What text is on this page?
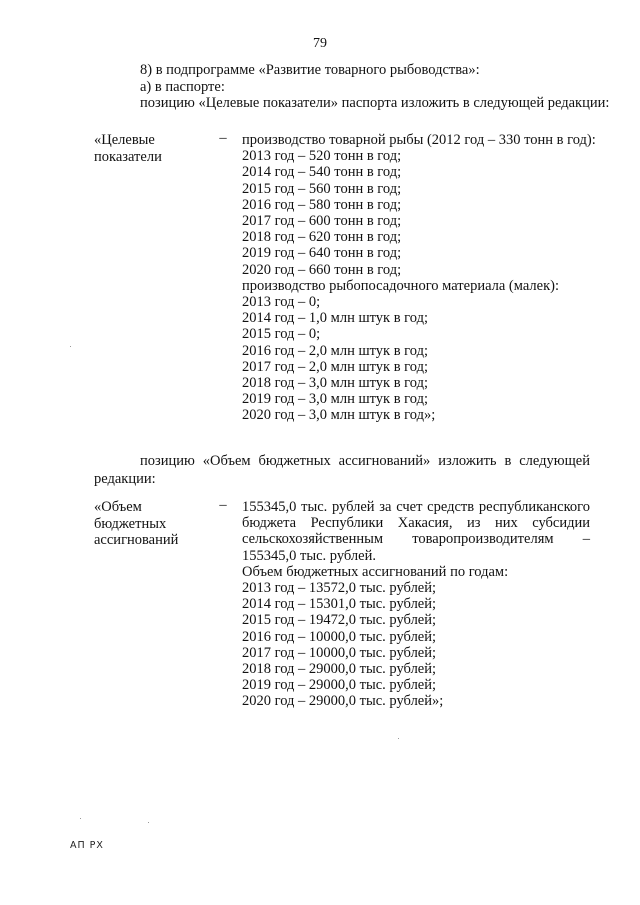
79
8) в подпрограмме «Развитие товарного рыбоводства»:
а) в паспорте:
позицию «Целевые показатели» паспорта изложить в следующей редакции:
«Целевые
показатели
– производство товарной рыбы (2012 год – 330 тонн в год):
2013 год – 520 тонн в год;
2014 год – 540 тонн в год;
2015 год – 560 тонн в год;
2016 год – 580 тонн в год;
2017 год – 600 тонн в год;
2018 год – 620 тонн в год;
2019 год – 640 тонн в год;
2020 год – 660 тонн в год;
производство рыбопосадочного материала (малек):
2013 год – 0;
2014 год – 1,0 млн штук в год;
2015 год – 0;
2016 год – 2,0 млн штук в год;
2017 год – 2,0 млн штук в год;
2018 год – 3,0 млн штук в год;
2019 год – 3,0 млн штук в год;
2020 год – 3,0 млн штук в год»;
позицию «Объем бюджетных ассигнований» изложить в следующей
редакции:
«Объем
бюджетных
ассигнований
– 155345,0 тыс. рублей за счет средств республиканского
бюджета Республики Хакасия, из них субсидии
сельскохозяйственным товаропроизводителям –
155345,0 тыс. рублей.
Объем бюджетных ассигнований по годам:
2013 год – 13572,0 тыс. рублей;
2014 год – 15301,0 тыс. рублей;
2015 год – 19472,0 тыс. рублей;
2016 год – 10000,0 тыс. рублей;
2017 год – 10000,0 тыс. рублей;
2018 год – 29000,0 тыс. рублей;
2019 год – 29000,0 тыс. рублей;
2020 год – 29000,0 тыс. рублей»;
АП РХ
